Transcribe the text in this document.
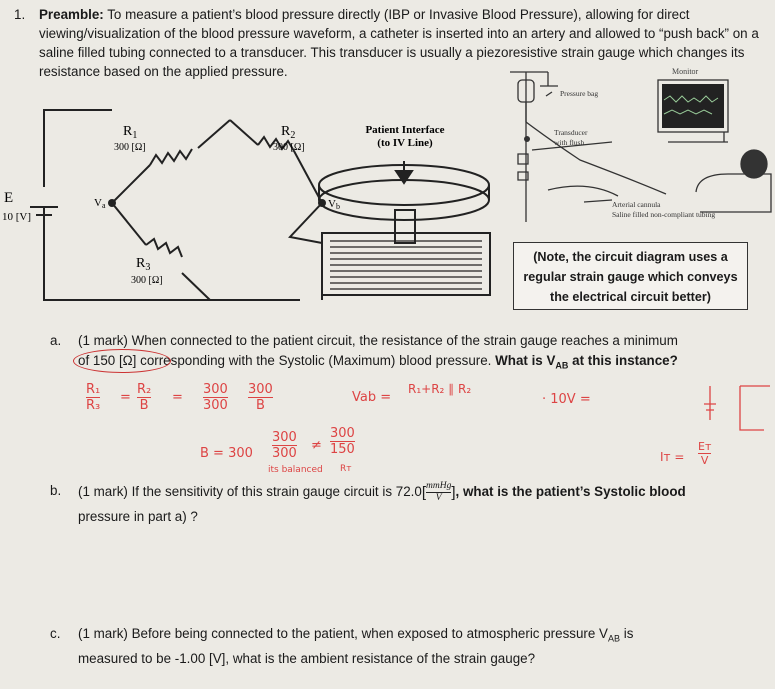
1. Preamble: To measure a patient’s blood pressure directly (IBP or Invasive Blood Pressure), allowing for direct viewing/visualization of the blood pressure waveform, a catheter is inserted into an artery and allowed to “push back” on a saline filled tubing connected to a transducer. This transducer is usually a piezoresistive strain gauge which changes its resistance based on the applied pressure.
E
10 [V]
Va	Vb
$R_1$
300 [Ω]
$R_2$
300 [Ω]
$R_3$
300 [Ω]
Patient Interface
(to IV Line)
Monitor
Pressure bag
Transducer
with flush
Arterial cannula
Saline filled non-compliant tubing
(Note, the circuit diagram uses a
regular strain gauge which conveys
the electrical circuit better)
a. (1 mark) When connected to the patient circuit, the resistance of the strain gauge reaches a minimum
of 150 [Ω] corresponding with the Systolic (Maximum) blood pressure. What is $V_{AB}$ at this instance?
R₁
R₃
=
R₂
B
=
300
300
300
B
Vab =
R₁+R₂ ∥ R₂
· 10V =
B = 300
300
300
≠
300
150
its balanced Rᴛ
Iᴛ =
Eᴛ
V
b. (1 mark) If the sensitivity of this strain gauge circuit is 72.0[ mmHg
V ], what is the patient’s Systolic blood
pressure in part a) ?
c. (1 mark) Before being connected to the patient, when exposed to atmospheric pressure $V_{AB}$ is
measured to be -1.00 [V], what is the ambient resistance of the strain gauge?
